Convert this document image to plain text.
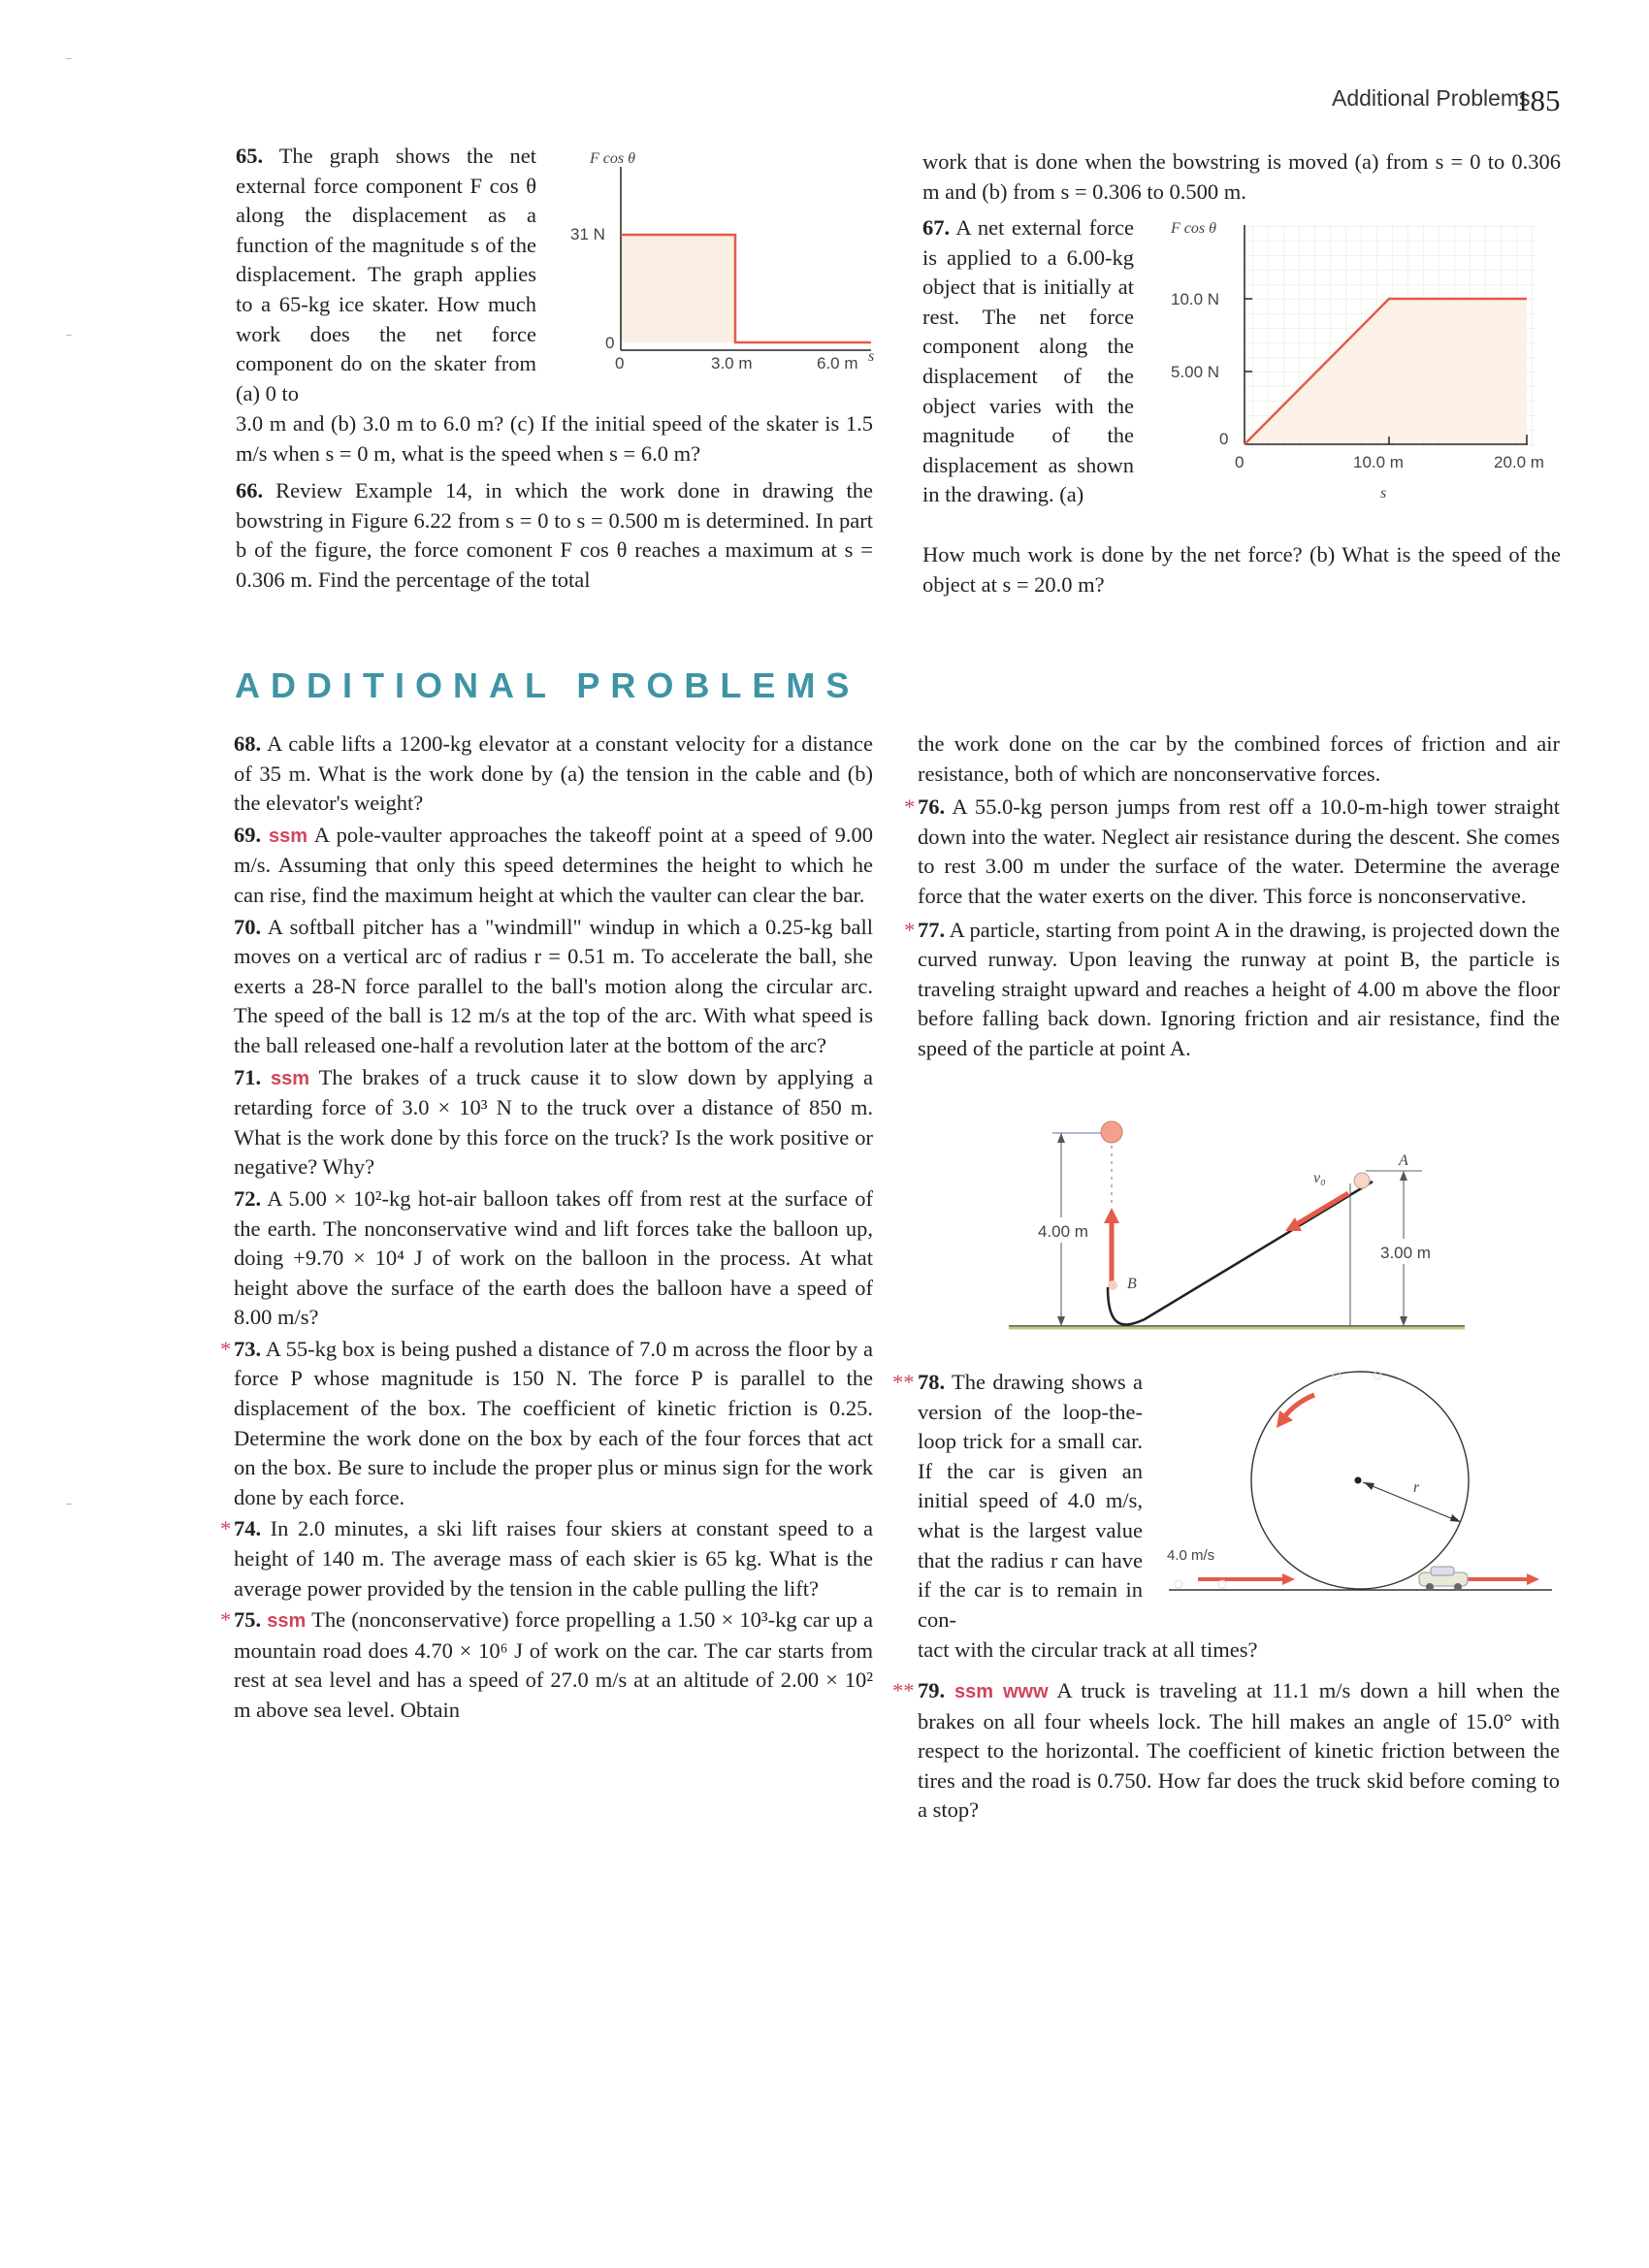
Additional Problems
185

65. The graph shows the net external force component F cos θ along the displacement as a function of the magnitude s of the displacement. The graph applies to a 65-kg ice skater. How much work does the net force component do on the skater from (a) 0 to

3.0 m and (b) 3.0 m to 6.0 m? (c) If the initial speed of the skater is 1.5 m/s when s = 0 m, what is the speed when s = 6.0 m?

F cos θ
31 N
0
0	3.0 m	6.0 m s

66. Review Example 14, in which the work done in drawing the bowstring in Figure 6.22 from s = 0 to s = 0.500 m is determined. In part b of the figure, the force comonent F cos θ reaches a maximum at s = 0.306 m. Find the percentage of the total

work that is done when the bowstring is moved (a) from s = 0 to 0.306 m and (b) from s = 0.306 to 0.500 m.

67. A net external force is applied to a 6.00-kg object that is initially at rest. The net force component along the displacement of the object varies with the magnitude of the displacement as shown in the drawing. (a)

How much work is done by the net force? (b) What is the speed of the object at s = 20.0 m?

F cos θ
10.0 N
5.00 N
0
0	10.0 m	20.0 m
s
ADDITIONAL PROBLEMS

68. A cable lifts a 1200-kg elevator at a constant velocity for a distance of 35 m. What is the work done by (a) the tension in the cable and (b) the elevator's weight?

69. ssm A pole-vaulter approaches the takeoff point at a speed of 9.00 m/s. Assuming that only this speed determines the height to which he can rise, find the maximum height at which the vaulter can clear the bar.

70. A softball pitcher has a "windmill" windup in which a 0.25-kg ball moves on a vertical arc of radius r = 0.51 m. To accelerate the ball, she exerts a 28-N force parallel to the ball's motion along the circular arc. The speed of the ball is 12 m/s at the top of the arc. With what speed is the ball released one-half a revolution later at the bottom of the arc?

71. ssm The brakes of a truck cause it to slow down by applying a retarding force of 3.0 × 10³ N to the truck over a distance of 850 m. What is the work done by this force on the truck? Is the work positive or negative? Why?

72. A 5.00 × 10²-kg hot-air balloon takes off from rest at the surface of the earth. The nonconservative wind and lift forces take the balloon up, doing +9.70 × 10⁴ J of work on the balloon in the process. At what height above the surface of the earth does the balloon have a speed of 8.00 m/s?

* 73. A 55-kg box is being pushed a distance of 7.0 m across the floor by a force P whose magnitude is 150 N. The force P is parallel to the displacement of the box. The coefficient of kinetic friction is 0.25. Determine the work done on the box by each of the four forces that act on the box. Be sure to include the proper plus or minus sign for the work done by each force.

* 74. In 2.0 minutes, a ski lift raises four skiers at constant speed to a height of 140 m. The average mass of each skier is 65 kg. What is the average power provided by the tension in the cable pulling the lift?

* 75. ssm The (nonconservative) force propelling a 1.50 × 10³-kg car up a mountain road does 4.70 × 10⁶ J of work on the car. The car starts from rest at sea level and has a speed of 27.0 m/s at an altitude of 2.00 × 10² m above sea level. Obtain

the work done on the car by the combined forces of friction and air resistance, both of which are nonconservative forces.

* 76. A 55.0-kg person jumps from rest off a 10.0-m-high tower straight down into the water. Neglect air resistance during the descent. She comes to rest 3.00 m under the surface of the water. Determine the average force that the water exerts on the diver. This force is nonconservative.

* 77. A particle, starting from point A in the drawing, is projected down the curved runway. Upon leaving the runway at point B, the particle is traveling straight upward and reaches a height of 4.00 m above the floor before falling back down. Ignoring friction and air resistance, find the speed of the particle at point A.

4.00 m
B
v₀
A
3.00 m

** 78. The drawing shows a version of the loop-the-loop trick for a small car. If the car is given an initial speed of 4.0 m/s, what is the largest value that the radius r can have if the car is to remain in con-

tact with the circular track at all times?

r
4.0 m/s

** 79. ssm www A truck is traveling at 11.1 m/s down a hill when the brakes on all four wheels lock. The hill makes an angle of 15.0° with respect to the horizontal. The coefficient of kinetic friction between the tires and the road is 0.750. How far does the truck skid before coming to a stop?
